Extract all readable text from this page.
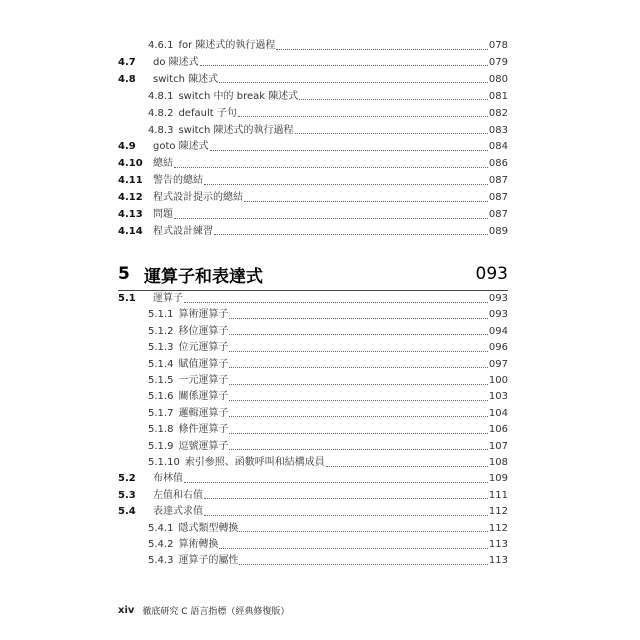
4.6.1 for 陳述式的執行過程	078
4.7	do 陳述式	079
4.8	switch 陳述式	080
4.8.1 switch 中的 break 陳述式	081
4.8.2 default 子句	082
4.8.3 switch 陳述式的執行過程	083
4.9	goto 陳述式	084
4.10	總結	086
4.11	警告的總結	087
4.12	程式設計提示的總結	087
4.13	問題	087
4.14	程式設計練習	089
5 運算子和表達式	093
5.1	運算子	093
5.1.1 算術運算子	093
5.1.2 移位運算子	094
5.1.3 位元運算子	096
5.1.4 賦值運算子	097
5.1.5 一元運算子	100
5.1.6 關係運算子	103
5.1.7 邏輯運算子	104
5.1.8 條件運算子	106
5.1.9 逗號運算子	107
5.1.10 索引參照、函數呼叫和結構成員	108
5.2	布林值	109
5.3	左值和右值	111
5.4	表達式求值	112
5.4.1 隱式類型轉換	112
5.4.2 算術轉換	113
5.4.3 運算子的屬性	113
xiv 徹底研究 C 語言指標（經典修復版）
